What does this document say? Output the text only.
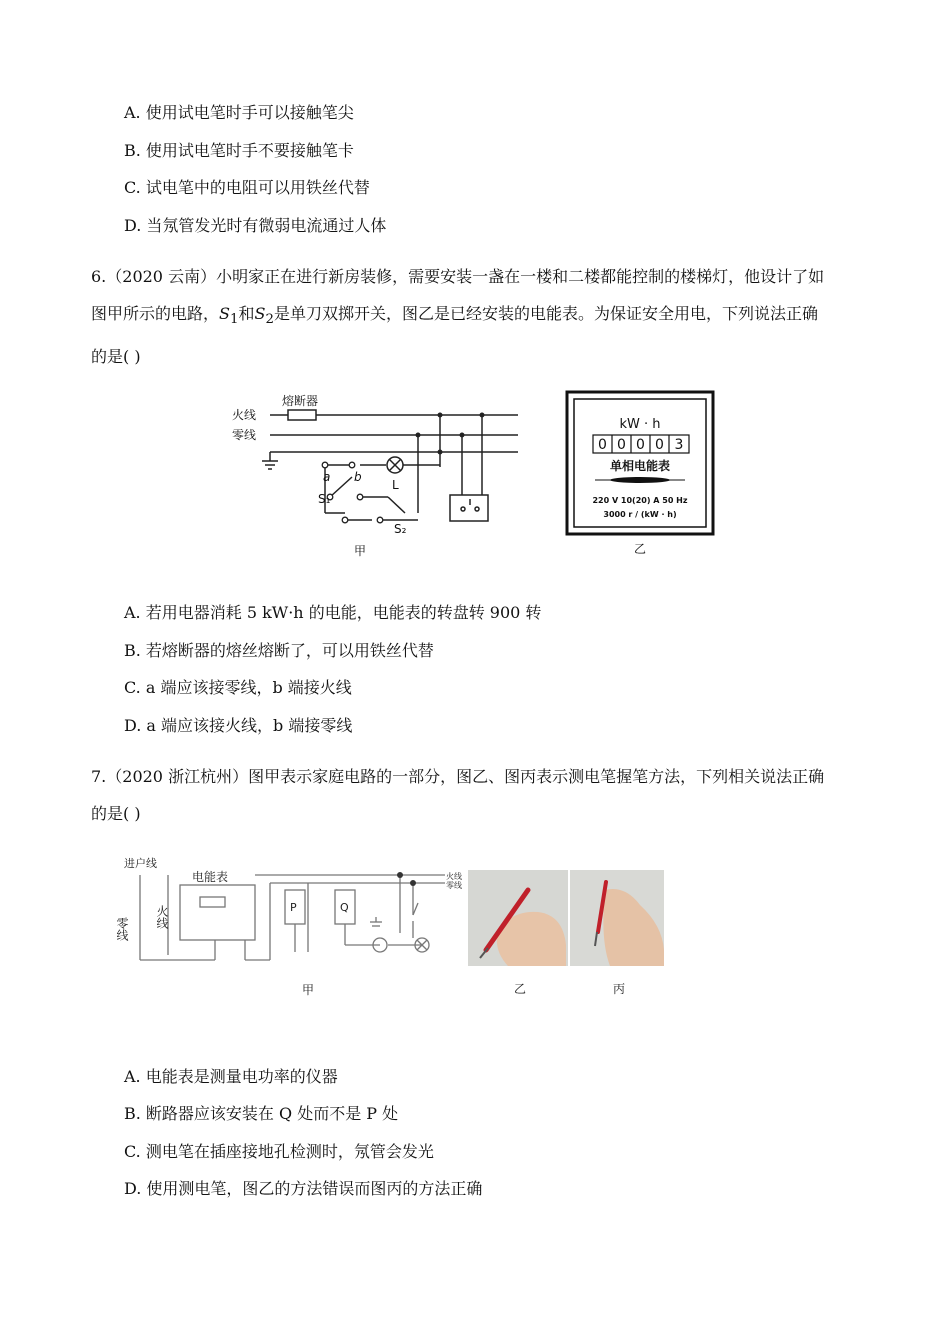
A. 使用试电笔时手可以接触笔尖
B. 使用试电笔时手不要接触笔卡
C. 试电笔中的电阻可以用铁丝代替
D. 当氖管发光时有微弱电流通过人体
6.（2020 云南）小明家正在进行新房装修，需要安装一盏在一楼和二楼都能控制的楼梯灯，他设计了如
图甲所示的电路，$S_1$和$S_2$是单刀双掷开关，图乙是已经安装的电能表。为保证安全用电，下列说法正确
的是( )
熔断器
火线
零线
a b
L
S₁
S₂
甲
kW · h
0 0 0 0 3
单相电能表
220 V 10(20) A 50 Hz
3000 r / (kW · h)
乙
A. 若用电器消耗 5 kW·h 的电能，电能表的转盘转 900 转
B. 若熔断器的熔丝熔断了，可以用铁丝代替
C. a 端应该接零线，b 端接火线
D. a 端应该接火线，b 端接零线
7.（2020 浙江杭州）图甲表示家庭电路的一部分，图乙、图丙表示测电笔握笔方法，下列相关说法正确
的是( )
进户线
电能表
零线 火线	P	Q
火线
零线
甲	乙	丙
A. 电能表是测量电功率的仪器
B. 断路器应该安装在 Q 处而不是 P 处
C. 测电笔在插座接地孔检测时，氖管会发光
D. 使用测电笔，图乙的方法错误而图丙的方法正确
